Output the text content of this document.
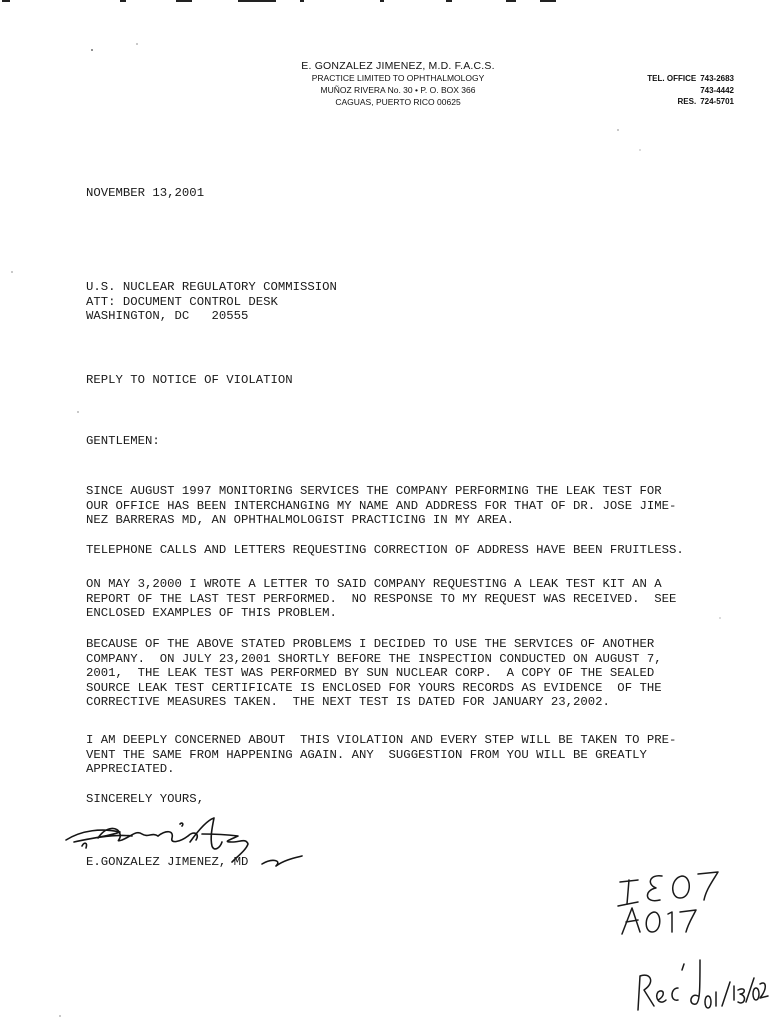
E. GONZALEZ JIMENEZ, M.D. F.A.C.S.
PRACTICE LIMITED TO OPHTHALMOLOGY
MUÑOZ RIVERA No. 30 • P. O. BOX 366
CAGUAS, PUERTO RICO 00625
TEL. OFFICE 743-2683
743-4442
RES. 724-5701
NOVEMBER 13,2001
U.S. NUCLEAR REGULATORY COMMISSION
ATT: DOCUMENT CONTROL DESK
WASHINGTON, DC   20555
REPLY TO NOTICE OF VIOLATION
GENTLEMEN:
SINCE AUGUST 1997 MONITORING SERVICES THE COMPANY PERFORMING THE LEAK TEST FOR
OUR OFFICE HAS BEEN INTERCHANGING MY NAME AND ADDRESS FOR THAT OF DR. JOSE JIME-
NEZ BARRERAS MD, AN OPHTHALMOLOGIST PRACTICING IN MY AREA.
TELEPHONE CALLS AND LETTERS REQUESTING CORRECTION OF ADDRESS HAVE BEEN FRUITLESS.
ON MAY 3,2000 I WROTE A LETTER TO SAID COMPANY REQUESTING A LEAK TEST KIT AN A
REPORT OF THE LAST TEST PERFORMED.  NO RESPONSE TO MY REQUEST WAS RECEIVED.  SEE
ENCLOSED EXAMPLES OF THIS PROBLEM.
BECAUSE OF THE ABOVE STATED PROBLEMS I DECIDED TO USE THE SERVICES OF ANOTHER
COMPANY.  ON JULY 23,2001 SHORTLY BEFORE THE INSPECTION CONDUCTED ON AUGUST 7,
2001,  THE LEAK TEST WAS PERFORMED BY SUN NUCLEAR CORP.  A COPY OF THE SEALED
SOURCE LEAK TEST CERTIFICATE IS ENCLOSED FOR YOURS RECORDS AS EVIDENCE  OF THE
CORRECTIVE MEASURES TAKEN.  THE NEXT TEST IS DATED FOR JANUARY 23,2002.
I AM DEEPLY CONCERNED ABOUT  THIS VIOLATION AND EVERY STEP WILL BE TAKEN TO PRE-
VENT THE SAME FROM HAPPENING AGAIN. ANY  SUGGESTION FROM YOU WILL BE GREATLY
APPRECIATED.
SINCERELY YOURS,
E.GONZALEZ JIMENEZ, MD
